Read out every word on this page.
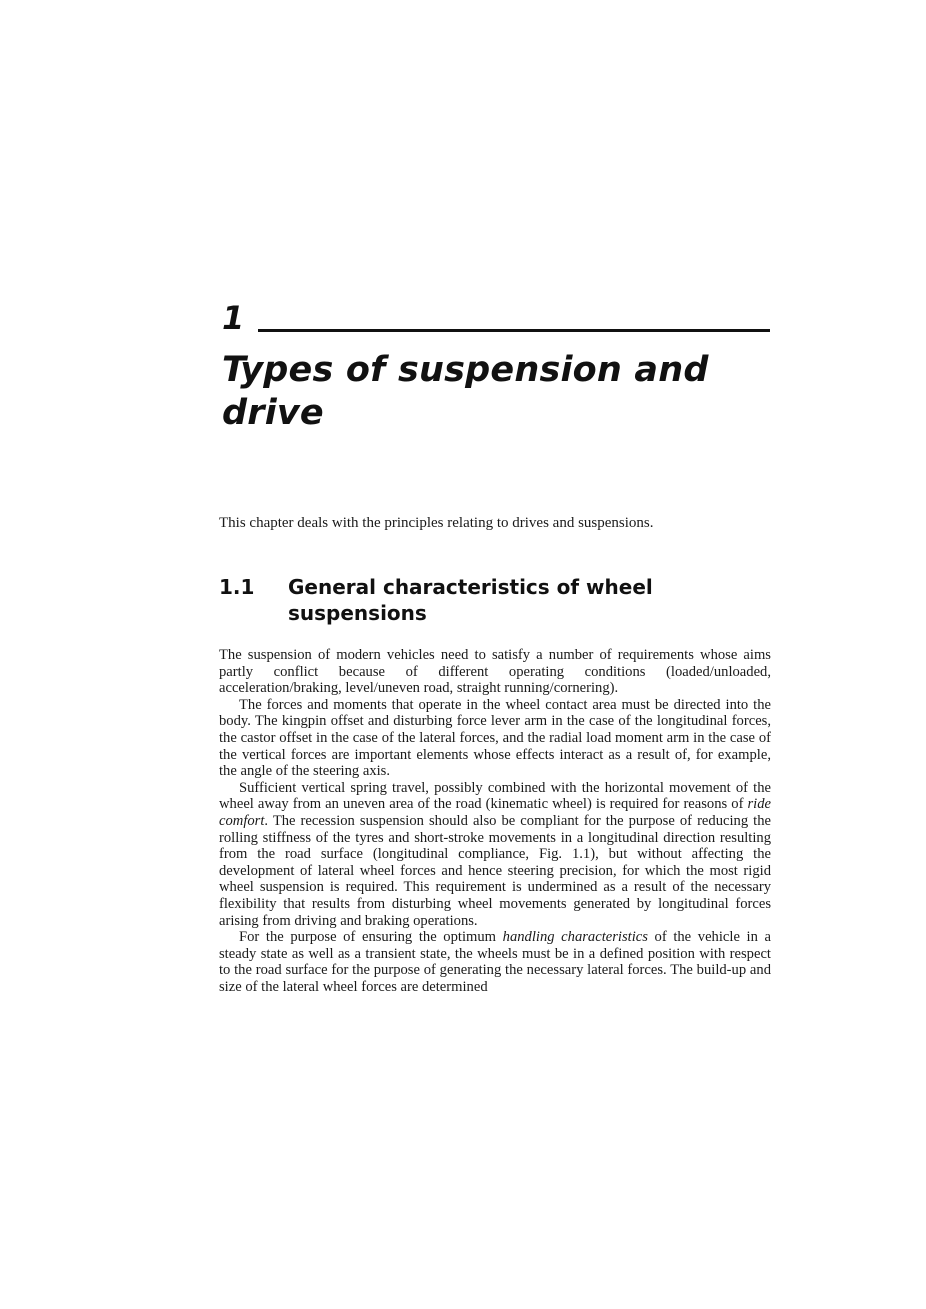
1
Types of suspension and drive
This chapter deals with the principles relating to drives and suspensions.
1.1	General characteristics of wheel suspensions

The suspension of modern vehicles need to satisfy a number of requirements whose aims partly conflict because of different operating conditions (loaded/unloaded, acceleration/braking, level/uneven road, straight running/cornering).

The forces and moments that operate in the wheel contact area must be directed into the body. The kingpin offset and disturbing force lever arm in the case of the longitudinal forces, the castor offset in the case of the lateral forces, and the radial load moment arm in the case of the vertical forces are important elements whose effects interact as a result of, for example, the angle of the steering axis.

Sufficient vertical spring travel, possibly combined with the horizontal movement of the wheel away from an uneven area of the road (kinematic wheel) is required for reasons of ride comfort. The recession suspension should also be compliant for the purpose of reducing the rolling stiffness of the tyres and short-stroke movements in a longitudinal direction resulting from the road surface (longitudinal compliance, Fig. 1.1), but without affecting the development of lateral wheel forces and hence steering precision, for which the most rigid wheel suspension is required. This requirement is undermined as a result of the necessary flexibility that results from disturbing wheel movements generated by longitudinal forces arising from driving and braking operations.

For the purpose of ensuring the optimum handling characteristics of the vehicle in a steady state as well as a transient state, the wheels must be in a defined position with respect to the road surface for the purpose of generating the necessary lateral forces. The build-up and size of the lateral wheel forces are determined
